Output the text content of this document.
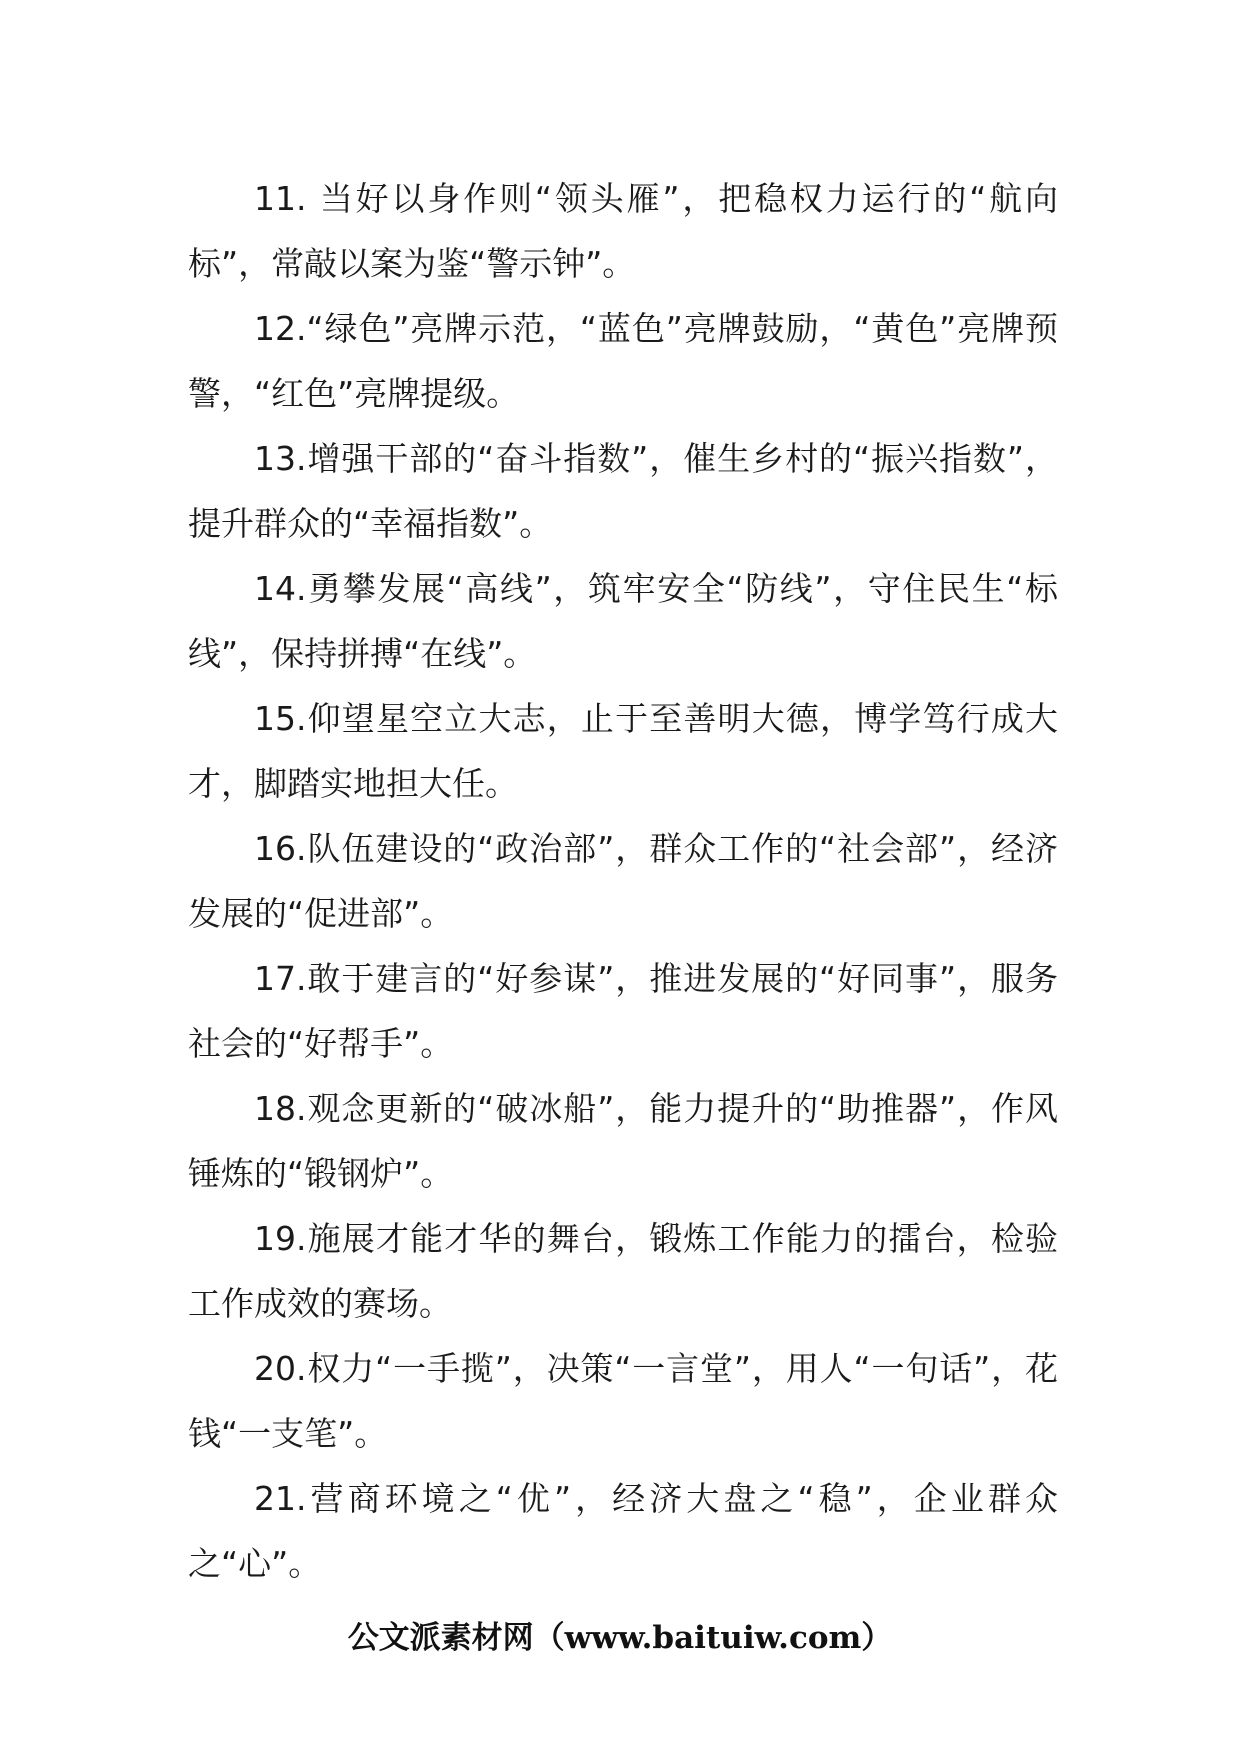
11. 当好以身作则“领头雁”，把稳权力运行的“航向标”，常敲以案为鉴“警示钟”。

12.“绿色”亮牌示范，“蓝色”亮牌鼓励，“黄色”亮牌预警，“红色”亮牌提级。

13.增强干部的“奋斗指数”，催生乡村的“振兴指数”，提升群众的“幸福指数”。

14.勇攀发展“高线”，筑牢安全“防线”，守住民生“标线”，保持拼搏“在线”。

15.仰望星空立大志，止于至善明大德，博学笃行成大才，脚踏实地担大任。

16.队伍建设的“政治部”，群众工作的“社会部”，经济发展的“促进部”。

17.敢于建言的“好参谋”，推进发展的“好同事”，服务社会的“好帮手”。

18.观念更新的“破冰船”，能力提升的“助推器”，作风锤炼的“锻钢炉”。

19.施展才能才华的舞台，锻炼工作能力的擂台，检验工作成效的赛场。

20.权力“一手揽”，决策“一言堂”，用人“一句话”，花钱“一支笔”。

21.营商环境之“优”，经济大盘之“稳”，企业群众之“心”。

公文派素材网（www.baituiw.com）
